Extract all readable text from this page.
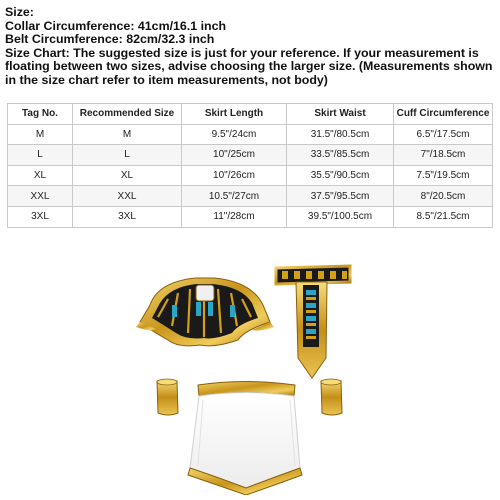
Size:
Collar Circumference: 41cm/16.1 inch
Belt Circumference: 82cm/32.3 inch
Size Chart: The suggested size is just for your reference. If your measurement is floating between two sizes, advise choosing the larger size. (Measurements shown in the size chart refer to item measurements, not body)
Tag No.	Recommended Size	Skirt Length	Skirt Waist	Cuff Circumference
M	M	9.5"/24cm	31.5"/80.5cm	6.5"/17.5cm
L	L	10"/25cm	33.5"/85.5cm	7"/18.5cm
XL	XL	10"/26cm	35.5"/90.5cm	7.5"/19.5cm
XXL	XXL	10.5"/27cm	37.5"/95.5cm	8"/20.5cm
3XL	3XL	11"/28cm	39.5"/100.5cm	8.5"/21.5cm
